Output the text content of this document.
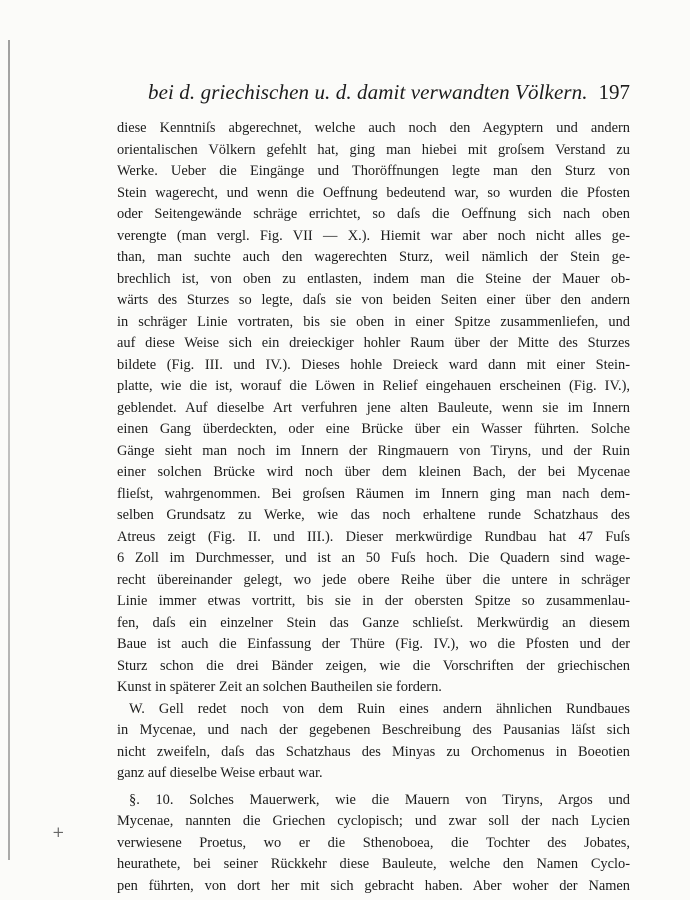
bei d. griechischen u. d. damit verwandten Völkern. 197
diese Kenntniſs abgerechnet, welche auch noch den Aegyptern und andern
orientalischen Völkern gefehlt hat, ging man hiebei mit groſsem Verstand zu
Werke. Ueber die Eingänge und Thoröffnungen legte man den Sturz von
Stein wagerecht, und wenn die Oeffnung bedeutend war, so wurden die Pfosten
oder Seitengewände schräge errichtet, so daſs die Oeffnung sich nach oben
verengte (man vergl. Fig. VII — X.). Hiemit war aber noch nicht alles ge-
than, man suchte auch den wagerechten Sturz, weil nämlich der Stein ge-
brechlich ist, von oben zu entlasten, indem man die Steine der Mauer ob-
wärts des Sturzes so legte, daſs sie von beiden Seiten einer über den andern
in schräger Linie vortraten, bis sie oben in einer Spitze zusammenliefen, und
auf diese Weise sich ein dreieckiger hohler Raum über der Mitte des Sturzes
bildete (Fig. III. und IV.). Dieses hohle Dreieck ward dann mit einer Stein-
platte, wie die ist, worauf die Löwen in Relief eingehauen erscheinen (Fig. IV.),
geblendet. Auf dieselbe Art verfuhren jene alten Bauleute, wenn sie im Innern
einen Gang überdeckten, oder eine Brücke über ein Wasser führten. Solche
Gänge sieht man noch im Innern der Ringmauern von Tiryns, und der Ruin
einer solchen Brücke wird noch über dem kleinen Bach, der bei Mycenae
flieſst, wahrgenommen. Bei groſsen Räumen im Innern ging man nach dem-
selben Grundsatz zu Werke, wie das noch erhaltene runde Schatzhaus des
Atreus zeigt (Fig. II. und III.). Dieser merkwürdige Rundbau hat 47 Fuſs
6 Zoll im Durchmesser, und ist an 50 Fuſs hoch. Die Quadern sind wage-
recht übereinander gelegt, wo jede obere Reihe über die untere in schräger
Linie immer etwas vortritt, bis sie in der obersten Spitze so zusammenlau-
fen, daſs ein einzelner Stein das Ganze schlieſst. Merkwürdig an diesem
Baue ist auch die Einfassung der Thüre (Fig. IV.), wo die Pfosten und der
Sturz schon die drei Bänder zeigen, wie die Vorschriften der griechischen
Kunst in späterer Zeit an solchen Bautheilen sie fordern.
W. Gell redet noch von dem Ruin eines andern ähnlichen Rundbaues
in Mycenae, und nach der gegebenen Beschreibung des Pausanias läſst sich
nicht zweifeln, daſs das Schatzhaus des Minyas zu Orchomenus in Boeotien
ganz auf dieselbe Weise erbaut war.
§. 10. Solches Mauerwerk, wie die Mauern von Tiryns, Argos und
Mycenae, nannten die Griechen cyclopisch; und zwar soll der nach Lycien
verwiesene Proetus, wo er die Sthenoboea, die Tochter des Jobates,
heurathete, bei seiner Rückkehr diese Bauleute, welche den Namen Cyclo-
pen führten, von dort her mit sich gebracht haben. Aber woher der Namen
+
